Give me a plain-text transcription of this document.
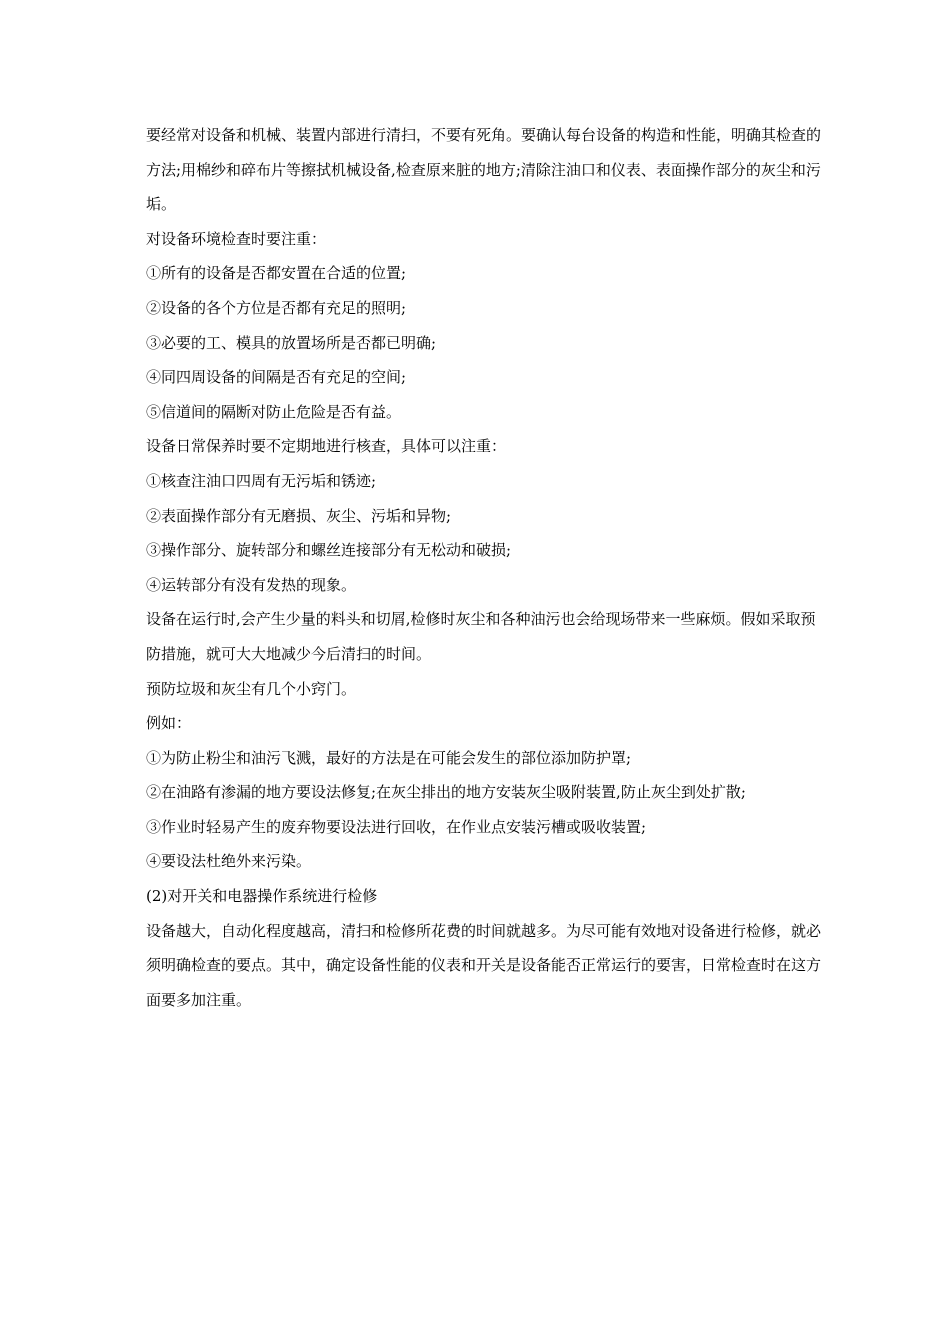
要经常对设备和机械、装置内部进行清扫，不要有死角。要确认每台设备的构造和性能，明确其检查的方法;用棉纱和碎布片等擦拭机械设备,检查原来脏的地方;清除注油口和仪表、表面操作部分的灰尘和污垢。

对设备环境检查时要注重：

①所有的设备是否都安置在合适的位置;

②设备的各个方位是否都有充足的照明;

③必要的工、模具的放置场所是否都已明确;

④同四周设备的间隔是否有充足的空间;

⑤信道间的隔断对防止危险是否有益。

设备日常保养时要不定期地进行核查，具体可以注重：

①核查注油口四周有无污垢和锈迹;

②表面操作部分有无磨损、灰尘、污垢和异物;

③操作部分、旋转部分和螺丝连接部分有无松动和破损;

④运转部分有没有发热的现象。

设备在运行时,会产生少量的料头和切屑,检修时灰尘和各种油污也会给现场带来一些麻烦。假如采取预防措施，就可大大地减少今后清扫的时间。

预防垃圾和灰尘有几个小窍门。

例如：

①为防止粉尘和油污飞溅，最好的方法是在可能会发生的部位添加防护罩;

②在油路有渗漏的地方要设法修复;在灰尘排出的地方安装灰尘吸附装置,防止灰尘到处扩散;

③作业时轻易产生的废弃物要设法进行回收，在作业点安装污槽或吸收装置;

④要设法杜绝外来污染。

(2)对开关和电器操作系统进行检修

设备越大，自动化程度越高，清扫和检修所花费的时间就越多。为尽可能有效地对设备进行检修，就必须明确检查的要点。其中，确定设备性能的仪表和开关是设备能否正常运行的要害，日常检查时在这方面要多加注重。
